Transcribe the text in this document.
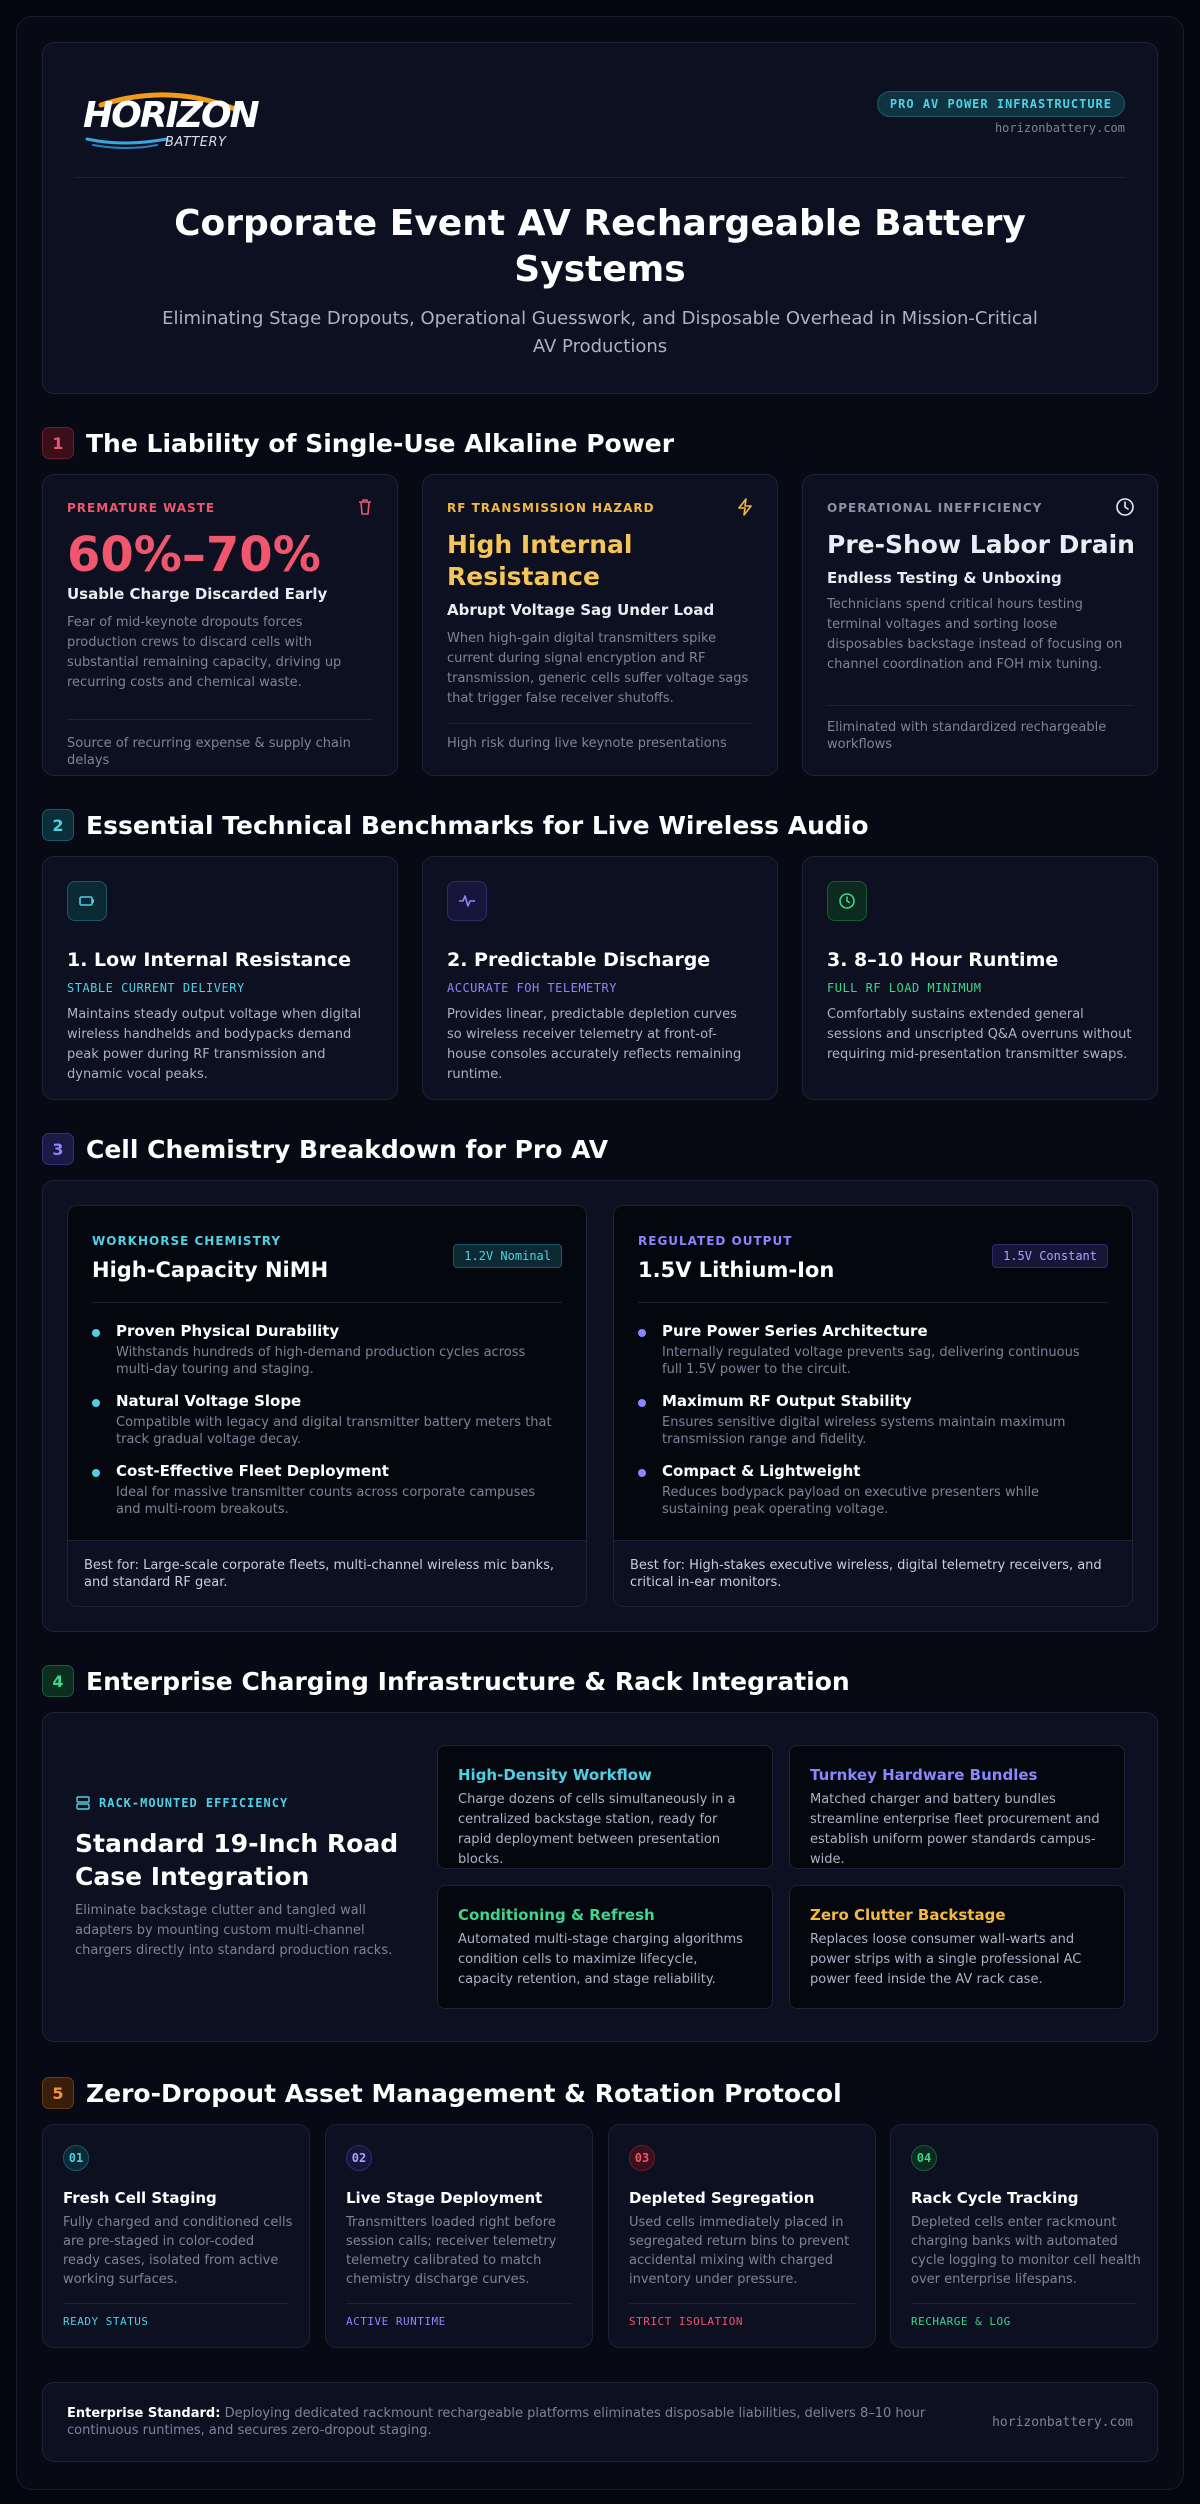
HORIZON
BATTERY
PRO AV POWER INFRASTRUCTURE
horizonbattery.com
Corporate Event AV Rechargeable Battery Systems

Eliminating Stage Dropouts, Operational Guesswork, and Disposable Overhead in Mission-Critical AV Productions

1 The Liability of Single-Use Alkaline Power
PREMATURE WASTE
60%–70%
Usable Charge Discarded Early
Fear of mid-keynote dropouts forces production crews to discard cells with substantial remaining capacity, driving up recurring costs and chemical waste.
Source of recurring expense & supply chain delays
RF TRANSMISSION HAZARD
High Internal Resistance
Abrupt Voltage Sag Under Load
When high-gain digital transmitters spike current during signal encryption and RF transmission, generic cells suffer voltage sags that trigger false receiver shutoffs.
High risk during live keynote presentations
OPERATIONAL INEFFICIENCY
Pre-Show Labor Drain
Endless Testing & Unboxing
Technicians spend critical hours testing terminal voltages and sorting loose disposables backstage instead of focusing on channel coordination and FOH mix tuning.
Eliminated with standardized rechargeable workflows
2 Essential Technical Benchmarks for Live Wireless Audio
1. Low Internal Resistance
STABLE CURRENT DELIVERY
Maintains steady output voltage when digital wireless handhelds and bodypacks demand peak power during RF transmission and dynamic vocal peaks.
2. Predictable Discharge
ACCURATE FOH TELEMETRY
Provides linear, predictable depletion curves so wireless receiver telemetry at front-of-house consoles accurately reflects remaining runtime.
3. 8–10 Hour Runtime
FULL RF LOAD MINIMUM
Comfortably sustains extended general sessions and unscripted Q&A overruns without requiring mid-presentation transmitter swaps.
3 Cell Chemistry Breakdown for Pro AV
WORKHORSE CHEMISTRY
High-Capacity NiMH
1.2V Nominal
Proven Physical Durability
Withstands hundreds of high-demand production cycles across multi-day touring and staging.
Natural Voltage Slope
Compatible with legacy and digital transmitter battery meters that track gradual voltage decay.
Cost-Effective Fleet Deployment
Ideal for massive transmitter counts across corporate campuses and multi-room breakouts.
Best for: Large-scale corporate fleets, multi-channel wireless mic banks, and standard RF gear.
REGULATED OUTPUT
1.5V Lithium-Ion
1.5V Constant
Pure Power Series Architecture
Internally regulated voltage prevents sag, delivering continuous full 1.5V power to the circuit.
Maximum RF Output Stability
Ensures sensitive digital wireless systems maintain maximum transmission range and fidelity.
Compact & Lightweight
Reduces bodypack payload on executive presenters while sustaining peak operating voltage.
Best for: High-stakes executive wireless, digital telemetry receivers, and critical in-ear monitors.
4 Enterprise Charging Infrastructure & Rack Integration
RACK-MOUNTED EFFICIENCY
Standard 19-Inch Road Case Integration
Eliminate backstage clutter and tangled wall adapters by mounting custom multi-channel chargers directly into standard production racks.
High-Density Workflow
Charge dozens of cells simultaneously in a centralized backstage station, ready for rapid deployment between presentation blocks.
Turnkey Hardware Bundles
Matched charger and battery bundles streamline enterprise fleet procurement and establish uniform power standards campus-wide.
Conditioning & Refresh
Automated multi-stage charging algorithms condition cells to maximize lifecycle, capacity retention, and stage reliability.
Zero Clutter Backstage
Replaces loose consumer wall-warts and power strips with a single professional AC power feed inside the AV rack case.
5 Zero-Dropout Asset Management & Rotation Protocol
01
Fresh Cell Staging
Fully charged and conditioned cells are pre-staged in color-coded ready cases, isolated from active working surfaces.
READY STATUS
02
Live Stage Deployment
Transmitters loaded right before session calls; receiver telemetry telemetry calibrated to match chemistry discharge curves.
ACTIVE RUNTIME
03
Depleted Segregation
Used cells immediately placed in segregated return bins to prevent accidental mixing with charged inventory under pressure.
STRICT ISOLATION
04
Rack Cycle Tracking
Depleted cells enter rackmount charging banks with automated cycle logging to monitor cell health over enterprise lifespans.
RECHARGE & LOG
Enterprise Standard: Deploying dedicated rackmount rechargeable platforms eliminates disposable liabilities, delivers 8–10 hour continuous runtimes, and secures zero-dropout staging.
horizonbattery.com
